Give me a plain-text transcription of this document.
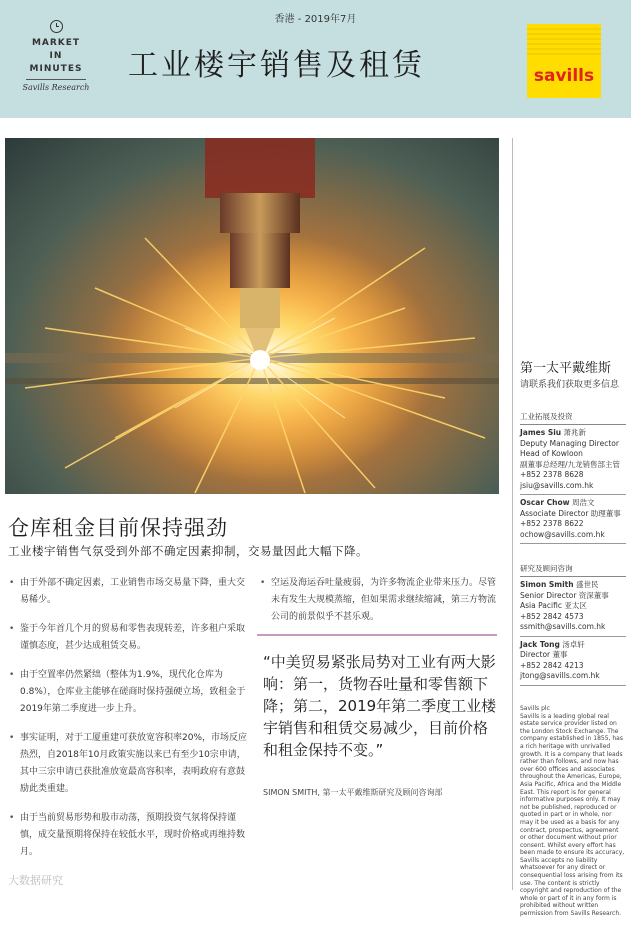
香港 - 2019年7月
MARKET
IN
MINUTES
Savills Research
工业楼宇销售及租赁	savills
仓库租金目前保持强劲
工业楼宇销售气氛受到外部不确定因素抑制，交易量因此大幅下降。
• 由于外部不确定因素，工业销售市场交易量下降，重大交易稀少。
• 鉴于今年首几个月的贸易和零售表现转差，许多租户采取谨慎态度，甚少达成租赁交易。
• 由于空置率仍然紧绌（整体为1.9%，现代化仓库为0.8%），仓库业主能够在磋商时保持强硬立场，致租金于2019年第二季度进一步上升。
• 事实证明，对于工厦重建可获放宽容积率20%，市场反应热烈，自2018年10月政策实施以来已有至少10宗申请，其中三宗申请已获批准放宽最高容积率，表明政府有意鼓励此类重建。
• 由于当前贸易形势和股市动荡，预期投资气氛将保持谨慎，成交量预期将保持在较低水平，现时价格或再维持数月。
• 空运及海运吞吐量疲弱，为许多物流企业带来压力。尽管未有发生大规模蒸缩，但如果需求继续缩减，第三方物流公司的前景似乎不甚乐观。
“中美贸易紧张局势对工业有两大影响：第一，货物吞吐量和零售额下降；第二，2019年第二季度工业楼宇销售和租赁交易减少，目前价格和租金保持不变。”
SIMON SMITH, 第一太平戴维斯研究及顾问咨询部
第一太平戴维斯
请联系我们获取更多信息
工业拓展及投资
James Siu 萧兆新
Deputy Managing Director
Head of Kowloon
副董事总经理/九龙销售部主管
+852 2378 8628
jsiu@savills.com.hk
Oscar Chow 周浩文
Associate Director 助理董事
+852 2378 8622
ochow@savills.com.hk
研究及顾问咨询
Simon Smith 盛世民
Senior Director 资深董事
Asia Pacific 亚太区
+852 2842 4573
ssmith@savills.com.hk
Jack Tong 汤卓轩
Director 董事
+852 2842 4213
jtong@savills.com.hk

Savills plc
Savills is a leading global real estate service provider listed on the London Stock Exchange. The company established in 1855, has a rich heritage with unrivalled growth. It is a company that leads rather than follows, and now has over 600 offices and associates throughout the Americas, Europe, Asia Pacific, Africa and the Middle East. This report is for general informative purposes only. It may not be published, reproduced or quoted in part or in whole, nor may it be used as a basis for any contract, prospectus, agreement or other document without prior consent. Whilst every effort has been made to ensure its accuracy, Savills accepts no liability whatsoever for any direct or consequential loss arising from its use. The content is strictly copyright and reproduction of the whole or part of it in any form is prohibited without written permission from Savills Research.

大数据研究
